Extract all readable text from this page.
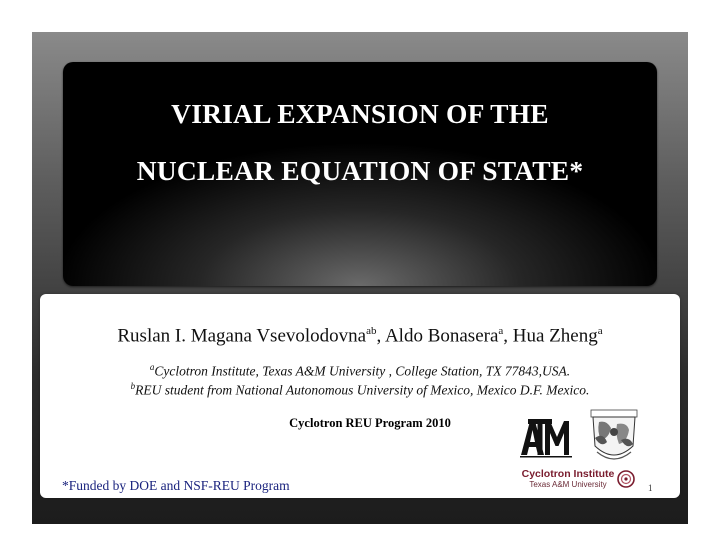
VIRIAL EXPANSION OF THE
NUCLEAR EQUATION OF STATE*
Ruslan I. Magana Vsevolodovna$^{ab}$, Aldo Bonasera$^a$, Hua Zheng$^a$
$^a$Cyclotron Institute, Texas A&M University , College Station, TX 77843,USA.
$^b$REU student from National Autonomous University of Mexico, Mexico D.F. Mexico.
Cyclotron REU Program 2010
Cyclotron Institute
Texas A&M University
*Funded by DOE and NSF-REU Program	1
